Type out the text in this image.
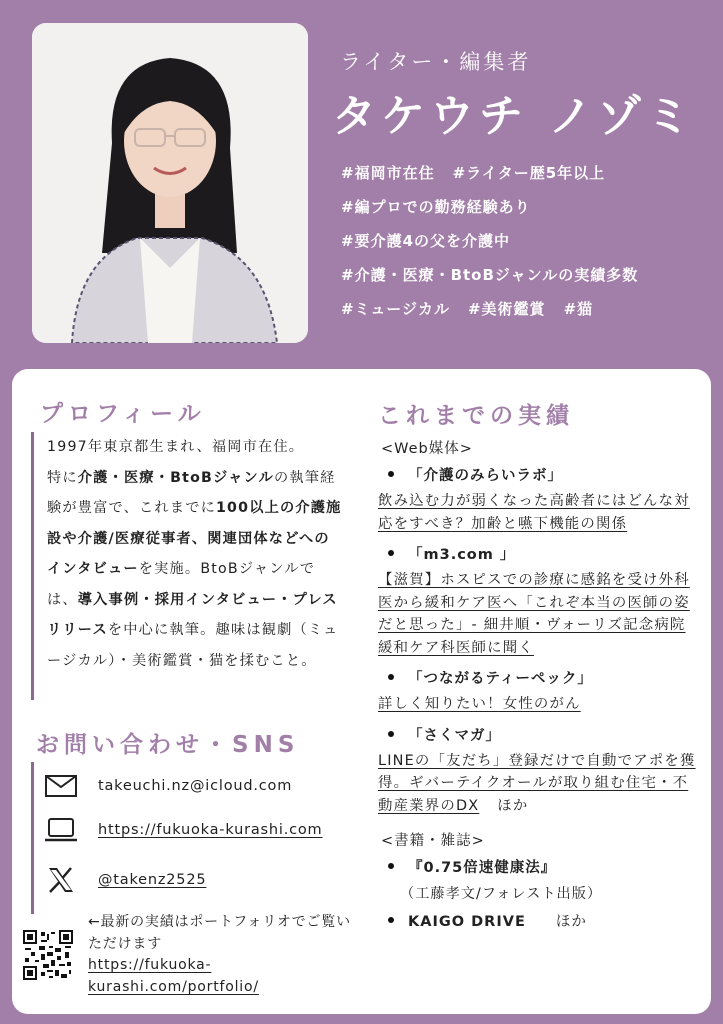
ライター・編集者
タケウチ ノゾミ
#福岡市在住 #ライター歴5年以上
#編プロでの勤務経験あり
#要介護4の父を介護中
#介護・医療・BtoBジャンルの実績多数
#ミュージカル #美術鑑賞 #猫
プロフィール
1997年東京都生まれ、福岡市在住。
特に介護・医療・BtoBジャンルの執筆経験が豊富で、これまでに100以上の介護施設や介護/医療従事者、関連団体などへのインタビューを実施。BtoBジャンルでは、導入事例・採用インタビュー・プレスリリースを中心に執筆。趣味は観劇（ミュージカル）・美術鑑賞・猫を揉むこと。
お問い合わせ・SNS
takeuchi.nz@icloud.com
https://fukuoka-kurashi.com
@takenz2525
←最新の実績はポートフォリオでご覧いただけます
https://fukuoka-kurashi.com/portfolio/
これまでの実績
<Web媒体>
「介護のみらいラボ」
飲み込む力が弱くなった高齢者にはどんな対応をすべき？加齢と嚥下機能の関係
「m3.com 」
【滋賀】ホスピスでの診療に感銘を受け外科医から緩和ケア医へ「これぞ本当の医師の姿だと思った」- 細井順・ヴォーリズ記念病院緩和ケア科医師に聞く
「つながるティーペック」
詳しく知りたい！女性のがん
「さくマガ」
LINEの「友だち」登録だけで自動でアポを獲得。ギバーテイクオールが取り組む住宅・不動産業界のDX ほか
<書籍・雑誌>
『0.75倍速健康法』
（工藤孝文/フォレスト出版）
KAIGO DRIVE ほか
